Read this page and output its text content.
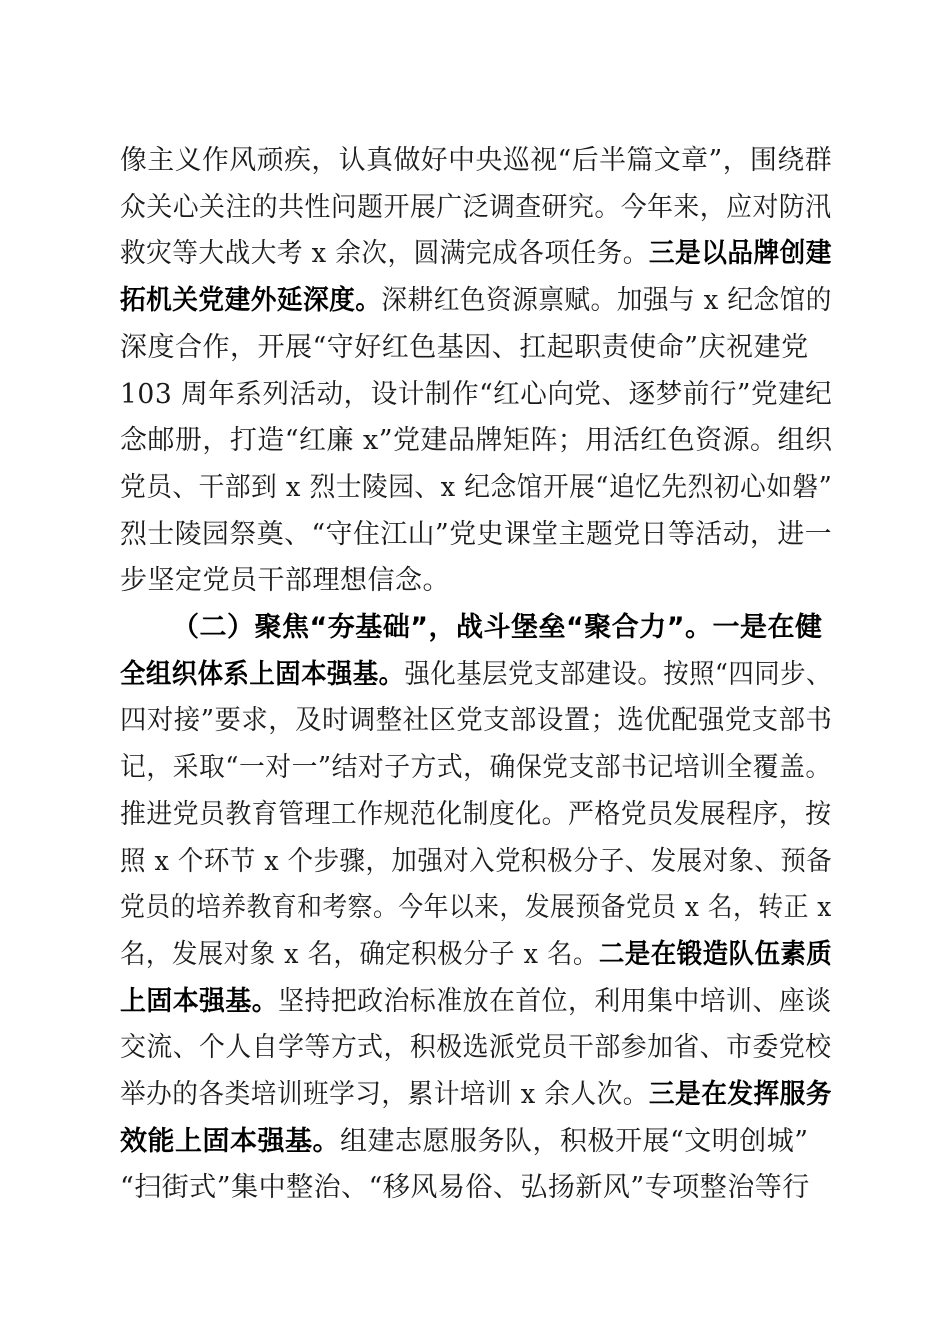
像主义作风顽疾，认真做好中央巡视“后半篇文章”，围绕群
众关心关注的共性问题开展广泛调查研究。今年来，应对防汛
救灾等大战大考 x 余次，圆满完成各项任务。三是以品牌创建
拓机关党建外延深度。深耕红色资源禀赋。加强与 x 纪念馆的
深度合作，开展“守好红色基因、扛起职责使命”庆祝建党
103 周年系列活动，设计制作“红心向党、逐梦前行”党建纪
念邮册，打造“红廉 x”党建品牌矩阵；用活红色资源。组织
党员、干部到 x 烈士陵园、x 纪念馆开展“追忆先烈初心如磐”
烈士陵园祭奠、“守住江山”党史课堂主题党日等活动，进一
步坚定党员干部理想信念。
（二）聚焦“夯基础”，战斗堡垒“聚合力”。一是在健
全组织体系上固本强基。强化基层党支部建设。按照“四同步、
四对接”要求，及时调整社区党支部设置；选优配强党支部书
记，采取“一对一”结对子方式，确保党支部书记培训全覆盖。
推进党员教育管理工作规范化制度化。严格党员发展程序，按
照 x 个环节 x 个步骤，加强对入党积极分子、发展对象、预备
党员的培养教育和考察。今年以来，发展预备党员 x 名，转正 x
名，发展对象 x 名，确定积极分子 x 名。二是在锻造队伍素质
上固本强基。坚持把政治标准放在首位，利用集中培训、座谈
交流、个人自学等方式，积极选派党员干部参加省、市委党校
举办的各类培训班学习，累计培训 x 余人次。三是在发挥服务
效能上固本强基。组建志愿服务队，积极开展“文明创城”
“扫街式”集中整治、“移风易俗、弘扬新风”专项整治等行
